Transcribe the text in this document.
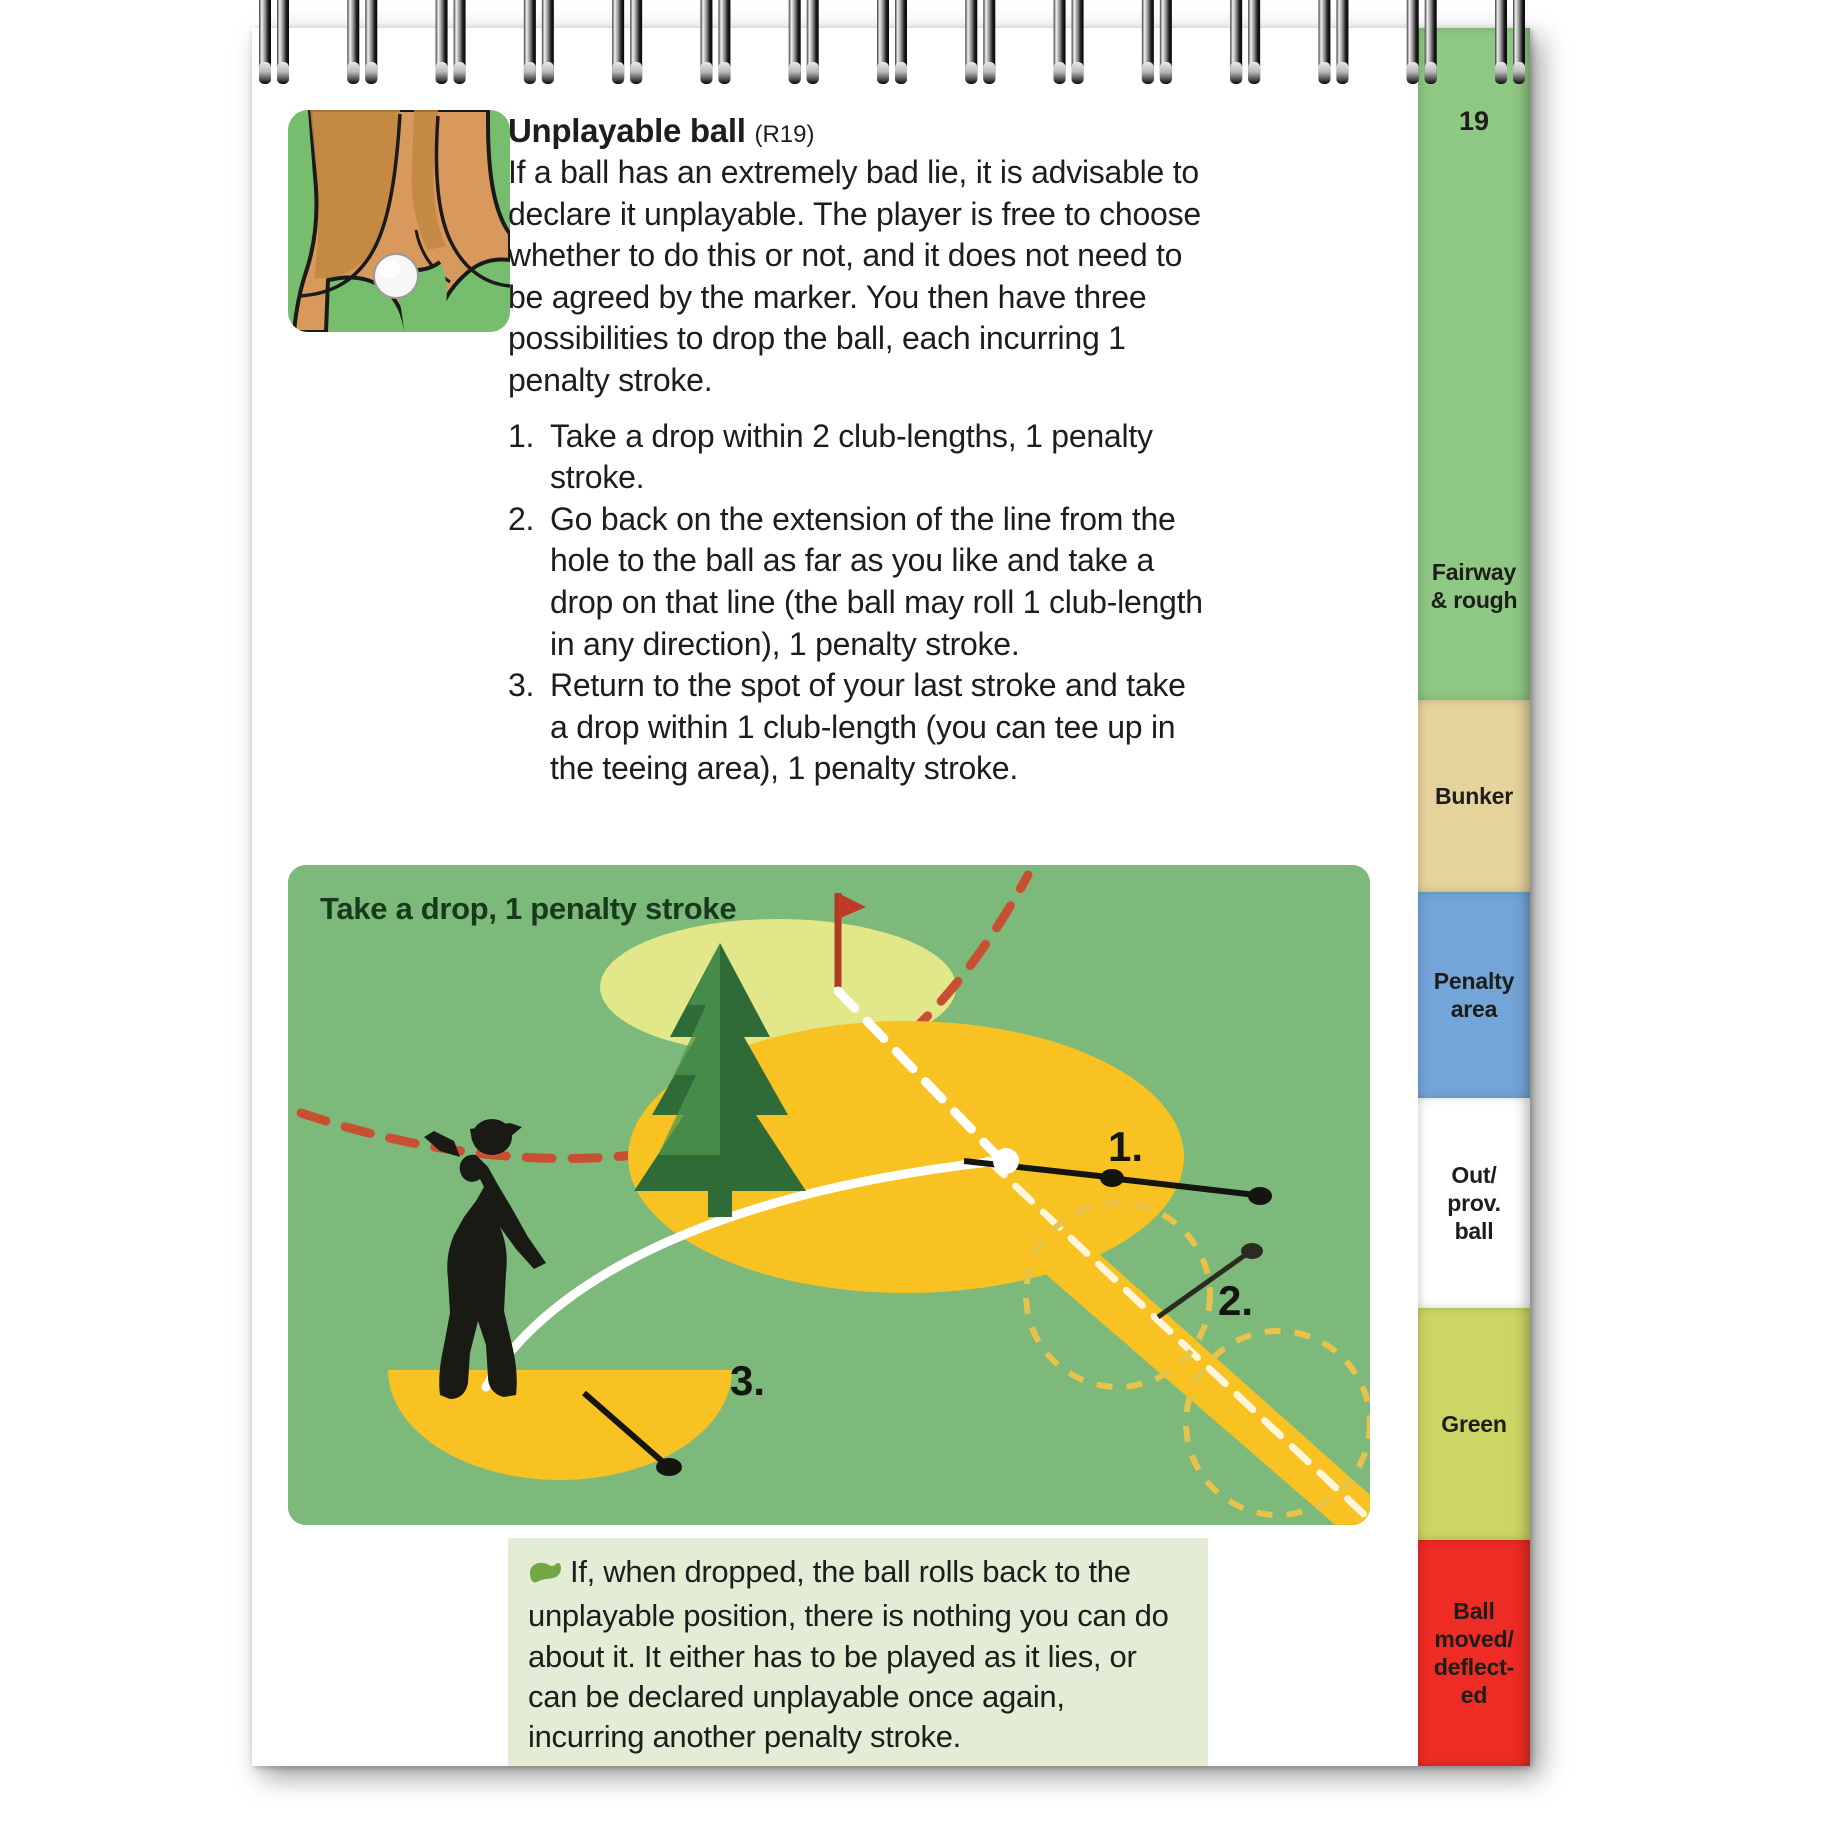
Unplayable ball (R19)

If a ball has an extremely bad lie, it is advisable to declare it unplayable. The player is free to choose whether to do this or not, and it does not need to be agreed by the marker. You then have three possibilities to drop the ball, each incurring 1 penalty stroke.

Take a drop within 2 club-lengths, 1 penalty stroke.
Go back on the extension of the line from the hole to the ball as far as you like and take a drop on that line (the ball may roll 1 club-length in any direction), 1 penalty stroke.
Return to the spot of your last stroke and take a drop within 1 club-length (you can tee up in the teeing area), 1 penalty stroke.
Take a drop, 1 penalty stroke
1.
2.
3.
If, when dropped, the ball rolls back to the unplayable position, there is nothing you can do about it. It either has to be played as it lies, or can be declared unplayable once again, incurring another penalty stroke.
Fairway
& rough
Bunker
Penalty
area
Out/
prov.
ball
Green
Ball
moved/
deflect-
ed
19
